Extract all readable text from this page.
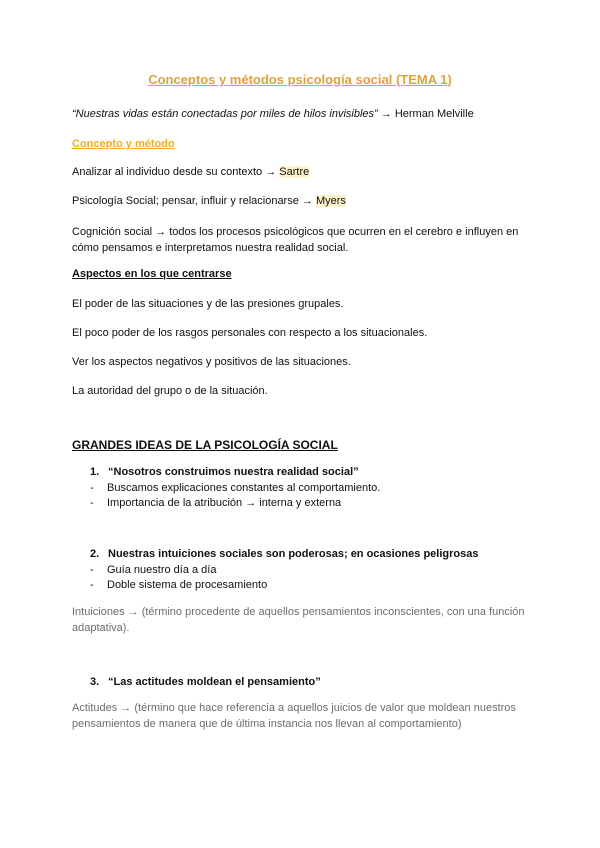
Conceptos y métodos psicología social (TEMA 1)
“Nuestras vidas están conectadas por miles de hilos invisibles” → Herman Melville
Concepto y método
Analizar al individuo desde su contexto → Sartre
Psicología Social; pensar, influir y relacionarse → Myers
Cognición social → todos los procesos psicológicos que ocurren en el cerebro e influyen en cómo pensamos e interpretamos nuestra realidad social.
Aspectos en los que centrarse
El poder de las situaciones y de las presiones grupales.
El poco poder de los rasgos personales con respecto a los situacionales.
Ver los aspectos negativos y positivos de las situaciones.
La autoridad del grupo o de la situación.
GRANDES IDEAS DE LA PSICOLOGÍA SOCIAL
1. “Nosotros construimos nuestra realidad social”
- Buscamos explicaciones constantes al comportamiento.
- Importancia de la atribución → interna y externa
2. Nuestras intuiciones sociales son poderosas; en ocasiones peligrosas
- Guía nuestro día a día
- Doble sistema de procesamiento
Intuiciones → (término procedente de aquellos pensamientos inconscientes, con una función adaptativa).
3. “Las actitudes moldean el pensamiento”
Actitudes → (término que hace referencia a aquellos juicios de valor que moldean nuestros pensamientos de manera que de última instancia nos llevan al comportamiento)
